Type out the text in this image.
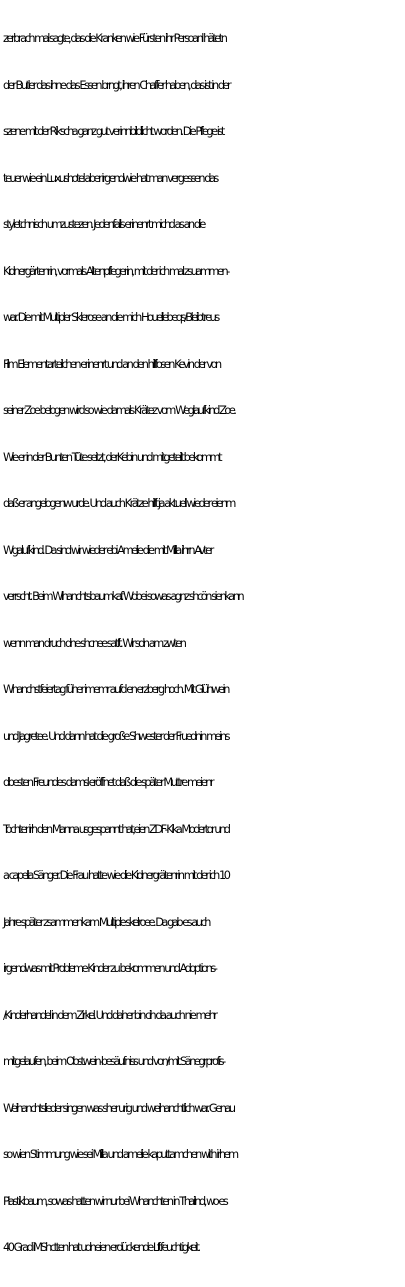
zerbrach mal sagte, das die Kranken wie Fürsten ihr Persoanl hätetn

der Butler das ihne das Essen brngt, ihren Chaffer haben, das ist in der

szene mit der Rikscha ganz gut verinnbildlicht worden. Die Pflege ist

teuer wie ein Luxushotel aber irgendwie hat man vergessen das

styletchnisch umzustezen. Jedenfalls erinenrt michd as an die

Kidnergärtenrin, vormals Altenpflegerin, mit der ich mal zsuammen-

war. Die mit Multipler Sklerose an die mich Houellebeqs/Bleibtreus

Film Elementarteilchen erinenrt und an den hilflosen Kevin der von

seiner Zoe belogen wird so wie damals Krätez vom Weglaufkind Zoe.

Wie er in der Bunten Tüte seitzt, derKebin und mitgeteilt bekommt

daß er angelogenw urde. Und auch Krätze hilft ja aktuell wieder eienm

Wgalufkind. Da sind wir wieder ebi Amelie die mit Milla ihrn Avter

verrscht. Beim Wihanchtsbaumkaf. Wobei sowas agnz shcön sienkann

wenn man druch dne shcnee satft. Wir sdn am zwten

Whanchstfeiertag füher imemr aufd en erzberg hoch. Mit Glühwein

und Jagretee. Und dann hat die große Shwester der Fruednin meins

dbesten Freundes damsl eröffnet daß die später Muttre meienr

Tochter irh den Manna usgespannt hat,eien ZDF-Kika Modertor und

a capella Sänger. Die Frau hatte wie die Kidnergrätenrin mit der ich 10

Jahre später zsammenkam Multiple skelroee. Da gab es auch

irgendwas mit Probleme Kinder zu bekommen und Adoptions-

/Kinderhandel in dem Zirkel. Und daher bin cih da auch nie mehr

mitgelaufen, beim Obstwein-besäufniss und von/mit Sänegrprofis-

Weihanchtslieder singen was sher urig und weihanchtlich war. Genau

so wien Stimmung wie sei Milla und amelie kaputtamchen with irhem

Plastikbaum, sowas hatten wir nur bei Whanchten in Thailnd, wo es

40 Grad iMShctten hat udneien erdückende Lftfeuchtigkeit.
